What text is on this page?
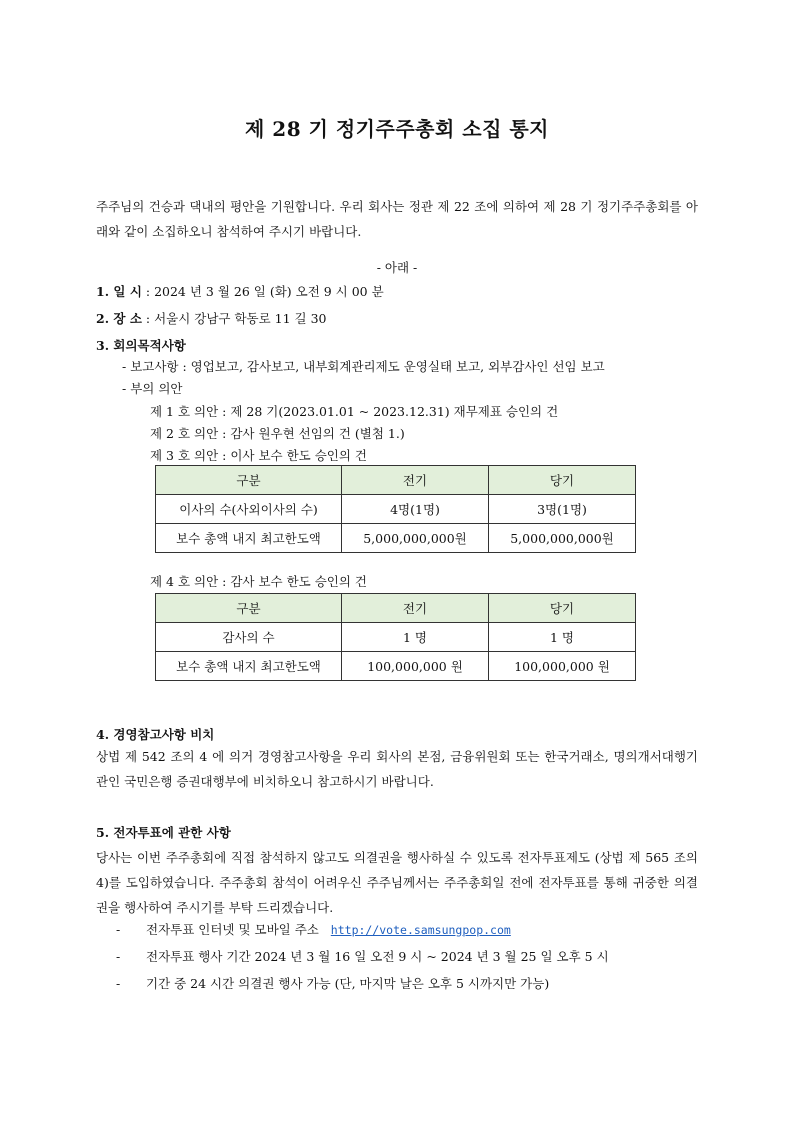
제 28 기 정기주주총회 소집 통지
주주님의 건승과 댁내의 평안을 기원합니다. 우리 회사는 정관 제 22 조에 의하여 제 28 기 정기주주총회를 아래와 같이 소집하오니 참석하여 주시기 바랍니다.
- 아래 -
1. 일 시 : 2024 년 3 월 26 일 (화) 오전 9 시 00 분
2. 장 소 : 서울시 강남구 학동로 11 길 30
3. 회의목적사항
- 보고사항 : 영업보고, 감사보고, 내부회계관리제도 운영실태 보고, 외부감사인 선임 보고
- 부의 의안
제 1 호 의안 : 제 28 기(2023.01.01 ~ 2023.12.31) 재무제표 승인의 건
제 2 호 의안 : 감사 원우현 선임의 건 (별첨 1.)
제 3 호 의안 : 이사 보수 한도 승인의 건
구분	전기	당기
이사의 수(사외이사의 수)	4명(1명)	3명(1명)
보수 총액 내지 최고한도액	5,000,000,000원	5,000,000,000원
제 4 호 의안 : 감사 보수 한도 승인의 건
구분	전기	당기
감사의 수	1 명	1 명
보수 총액 내지 최고한도액	100,000,000 원	100,000,000 원
4. 경영참고사항 비치
상법 제 542 조의 4 에 의거 경영참고사항을 우리 회사의 본점, 금융위원회 또는 한국거래소, 명의개서대행기관인 국민은행 증권대행부에 비치하오니 참고하시기 바랍니다.
5. 전자투표에 관한 사항
당사는 이번 주주총회에 직접 참석하지 않고도 의결권을 행사하실 수 있도록 전자투표제도 (상법 제 565 조의 4)를 도입하였습니다. 주주총회 참석이 어려우신 주주님께서는 주주총회일 전에 전자투표를 통해 귀중한 의결권을 행사하여 주시기를 부탁 드리겠습니다.
- 전자투표 인터넷 및 모바일 주소 http://vote.samsungpop.com
- 전자투표 행사 기간 2024 년 3 월 16 일 오전 9 시 ~ 2024 년 3 월 25 일 오후 5 시
- 기간 중 24 시간 의결권 행사 가능 (단, 마지막 날은 오후 5 시까지만 가능)
